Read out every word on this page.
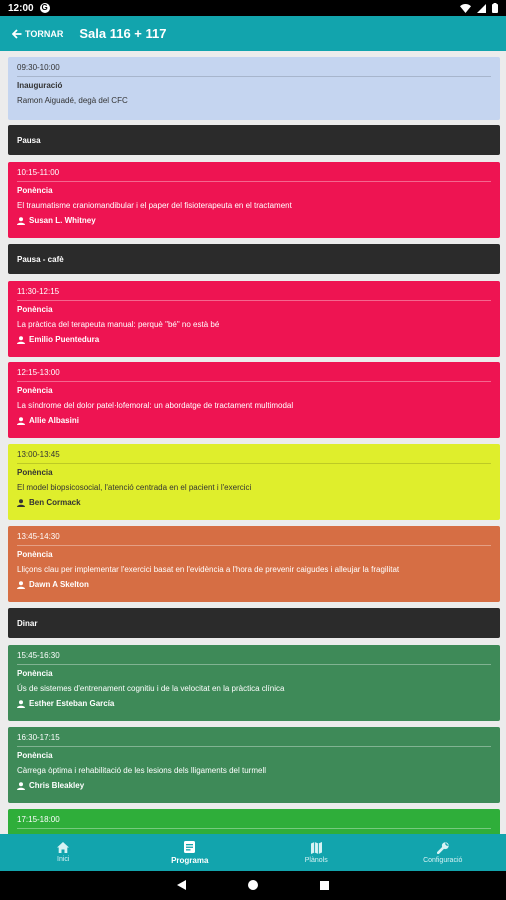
12:00 G
TORNAR Sala 116 + 117
09:30-10:00
Inauguració
Ramon Aiguadé, degà del CFC
Pausa
10:15-11:00
Ponència
El traumatisme craniomandibular i el paper del fisioterapeuta en el tractament
Susan L. Whitney
Pausa - cafè
11:30-12:15
Ponència
La pràctica del terapeuta manual: perquè "bé" no està bé
Emilio Puentedura
12:15-13:00
Ponència
La síndrome del dolor patel·lofemoral: un abordatge de tractament multimodal
Allie Albasini
13:00-13:45
Ponència
El model biopsicosocial, l'atenció centrada en el pacient i l'exercici
Ben Cormack
13:45-14:30
Ponència
Lliçons clau per implementar l'exercici basat en l'evidència a l'hora de prevenir caigudes i alleujar la fragilitat
Dawn A Skelton
Dinar
15:45-16:30
Ponència
Ús de sistemes d'entrenament cognitiu i de la velocitat en la pràctica clínica
Esther Esteban García
16:30-17:15
Ponència
Càrrega òptima i rehabilitació de les lesions dels lligaments del turmell
Chris Bleakley
17:15-18:00
Inici	Programa	Plànols	Configuració
